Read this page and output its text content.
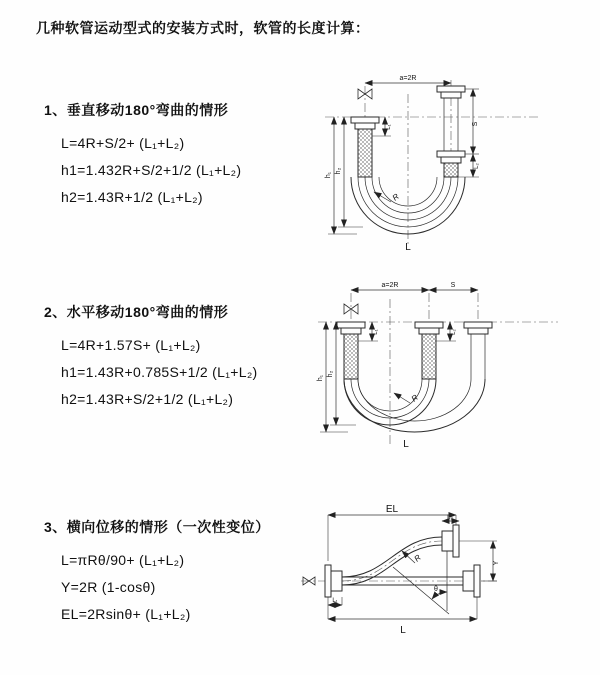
几种软管运动型式的安装方式时，软管的长度计算：
1、垂直移动180°弯曲的情形
L=4R+S/2+ (L₁+L₂)
h1=1.432R+S/2+1/2 (L₁+L₂)
h2=1.43R+1/2 (L₁+L₂)
a=2R
S
L₂
L₁
h₁
h₂
R
L
2、水平移动180°弯曲的情形
L=4R+1.57S+ (L₁+L₂)
h1=1.43R+0.785S+1/2 (L₁+L₂)
h2=1.43R+S/2+1/2 (L₁+L₂)
a=2R	S
L₁	L₂
h₁
h₂
R
L
3、横向位移的情形（一次性变位）
L=πRθ/90+ (L₁+L₂)
Y=2R (1-cosθ)
EL=2Rsinθ+ (L₁+L₂)
θ
EL
L₂
Y
L₁
L
R
